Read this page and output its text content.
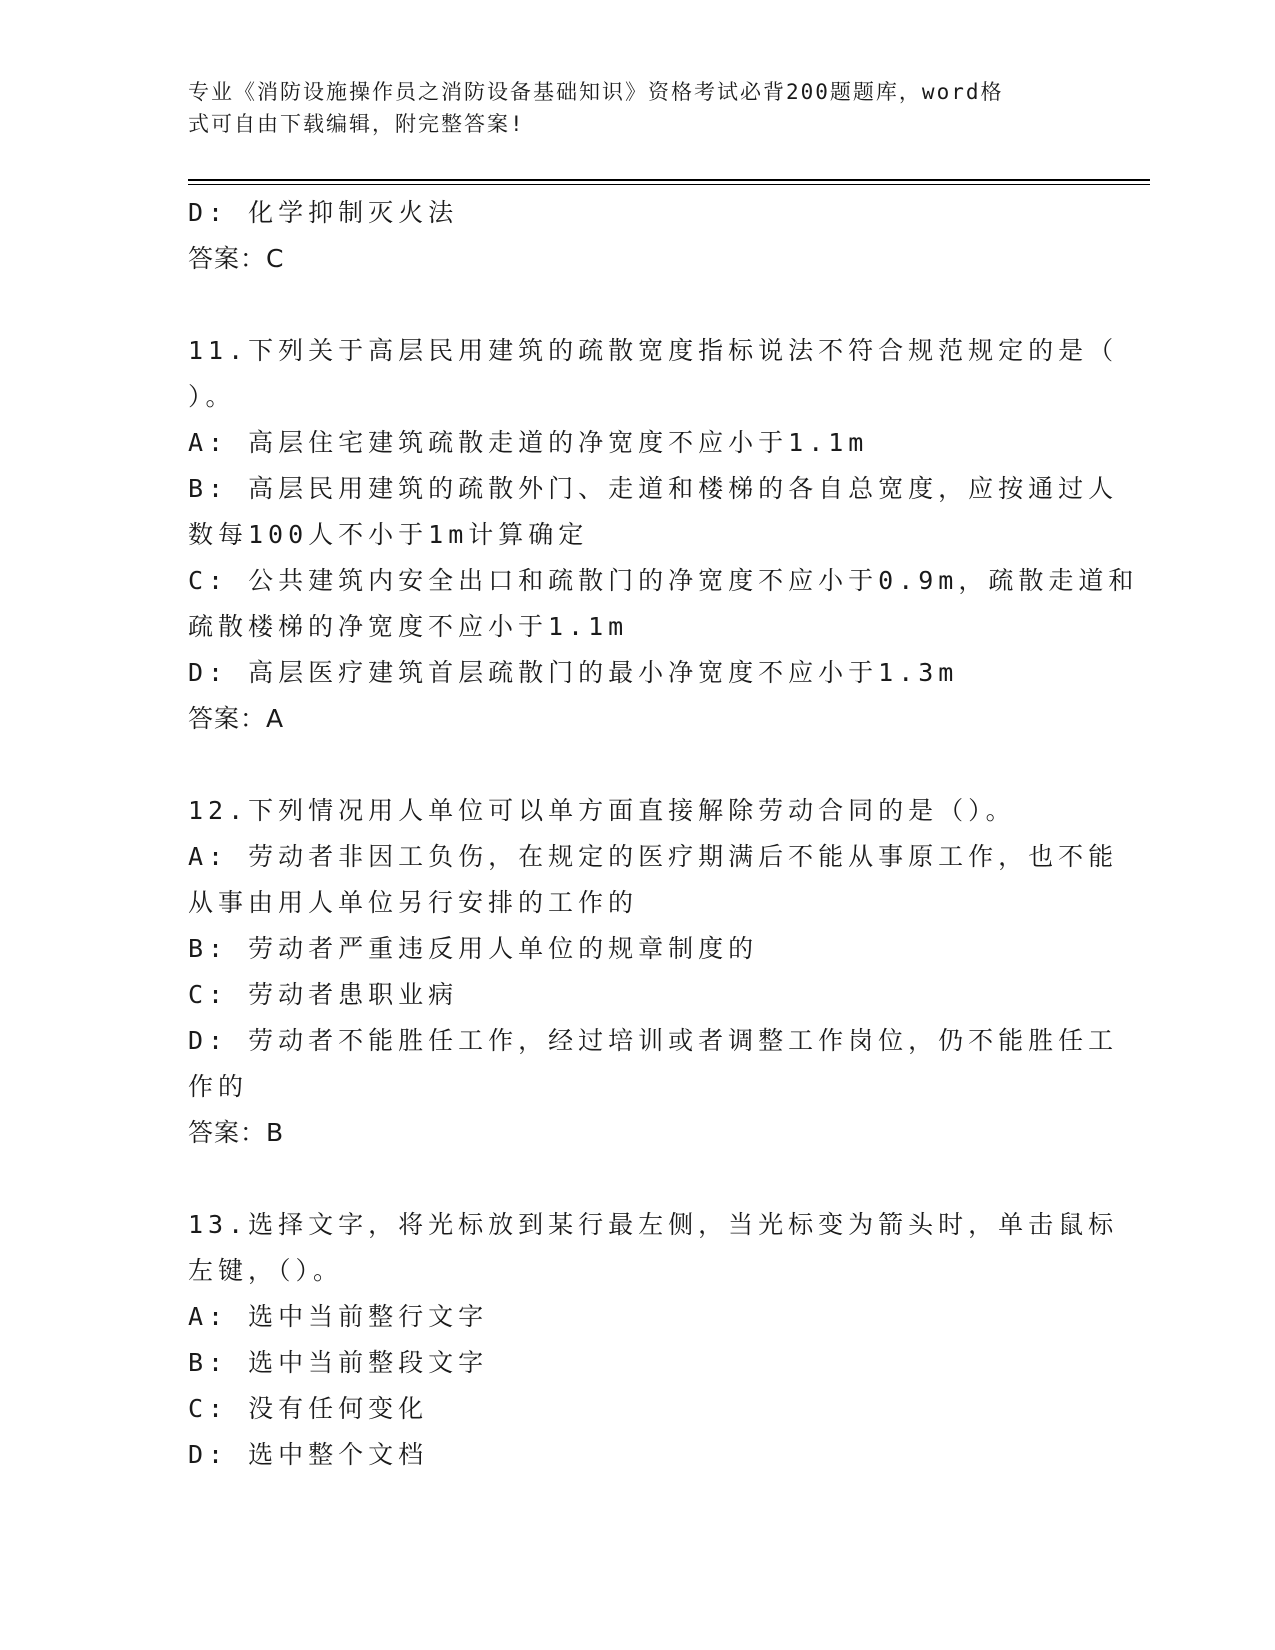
专业《消防设施操作员之消防设备基础知识》资格考试必背200题题库，word格
式可自由下载编辑，附完整答案!
D: 化学抑制灭火法
答案：C
11.下列关于高层民用建筑的疏散宽度指标说法不符合规范规定的是（
）。
A: 高层住宅建筑疏散走道的净宽度不应小于1.1m
B: 高层民用建筑的疏散外门、走道和楼梯的各自总宽度，应按通过人
数每100人不小于1m计算确定
C: 公共建筑内安全出口和疏散门的净宽度不应小于0.9m，疏散走道和
疏散楼梯的净宽度不应小于1.1m
D: 高层医疗建筑首层疏散门的最小净宽度不应小于1.3m
答案：A
12.下列情况用人单位可以单方面直接解除劳动合同的是（）。
A: 劳动者非因工负伤，在规定的医疗期满后不能从事原工作，也不能
从事由用人单位另行安排的工作的
B: 劳动者严重违反用人单位的规章制度的
C: 劳动者患职业病
D: 劳动者不能胜任工作，经过培训或者调整工作岗位，仍不能胜任工
作的
答案：B
13.选择文字，将光标放到某行最左侧，当光标变为箭头时，单击鼠标
左键，（）。
A: 选中当前整行文字
B: 选中当前整段文字
C: 没有任何变化
D: 选中整个文档
